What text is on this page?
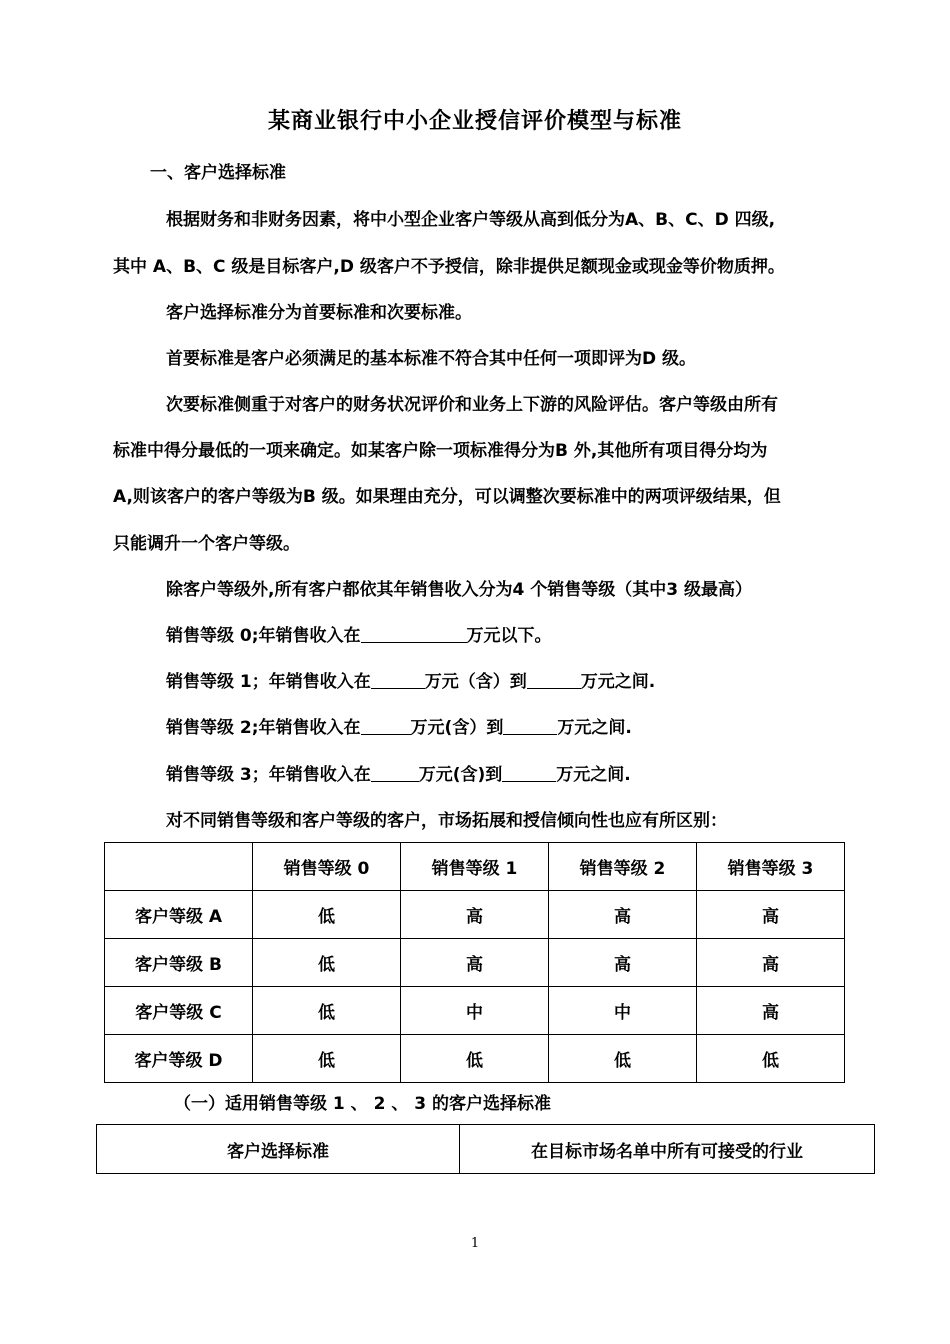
某商业银行中小企业授信评价模型与标准
一、客户选择标准
根据财务和非财务因素，将中小型企业客户等级从高到低分为A、B、C、D 四级,
其中 A、B、C 级是目标客户,D 级客户不予授信，除非提供足额现金或现金等价物质押。
客户选择标准分为首要标准和次要标准。
首要标准是客户必须满足的基本标准不符合其中任何一项即评为D 级。
次要标准侧重于对客户的财务状况评价和业务上下游的风险评估。客户等级由所有
标准中得分最低的一项来确定。如某客户除一项标准得分为B 外,其他所有项目得分均为
A,则该客户的客户等级为B 级。如果理由充分，可以调整次要标准中的两项评级结果，但
只能调升一个客户等级。
除客户等级外,所有客户都依其年销售收入分为4 个销售等级（其中3 级最高）
销售等级 0;年销售收入在	万元以下。
销售等级 1；年销售收入在	万元（含）到	万元之间.
销售等级 2;年销售收入在	万元(含）到	万元之间.
销售等级 3；年销售收入在	万元(含)到	万元之间.
对不同销售等级和客户等级的客户，市场拓展和授信倾向性也应有所区别：
	销售等级 0	销售等级 1	销售等级 2	销售等级 3
客户等级 A	低	高	高	高
客户等级 B	低	高	高	高
客户等级 C	低	中	中	高
客户等级 D	低	低	低	低
（一）适用销售等级 1 、 2 、 3 的客户选择标准
客户选择标准	在目标市场名单中所有可接受的行业
1
